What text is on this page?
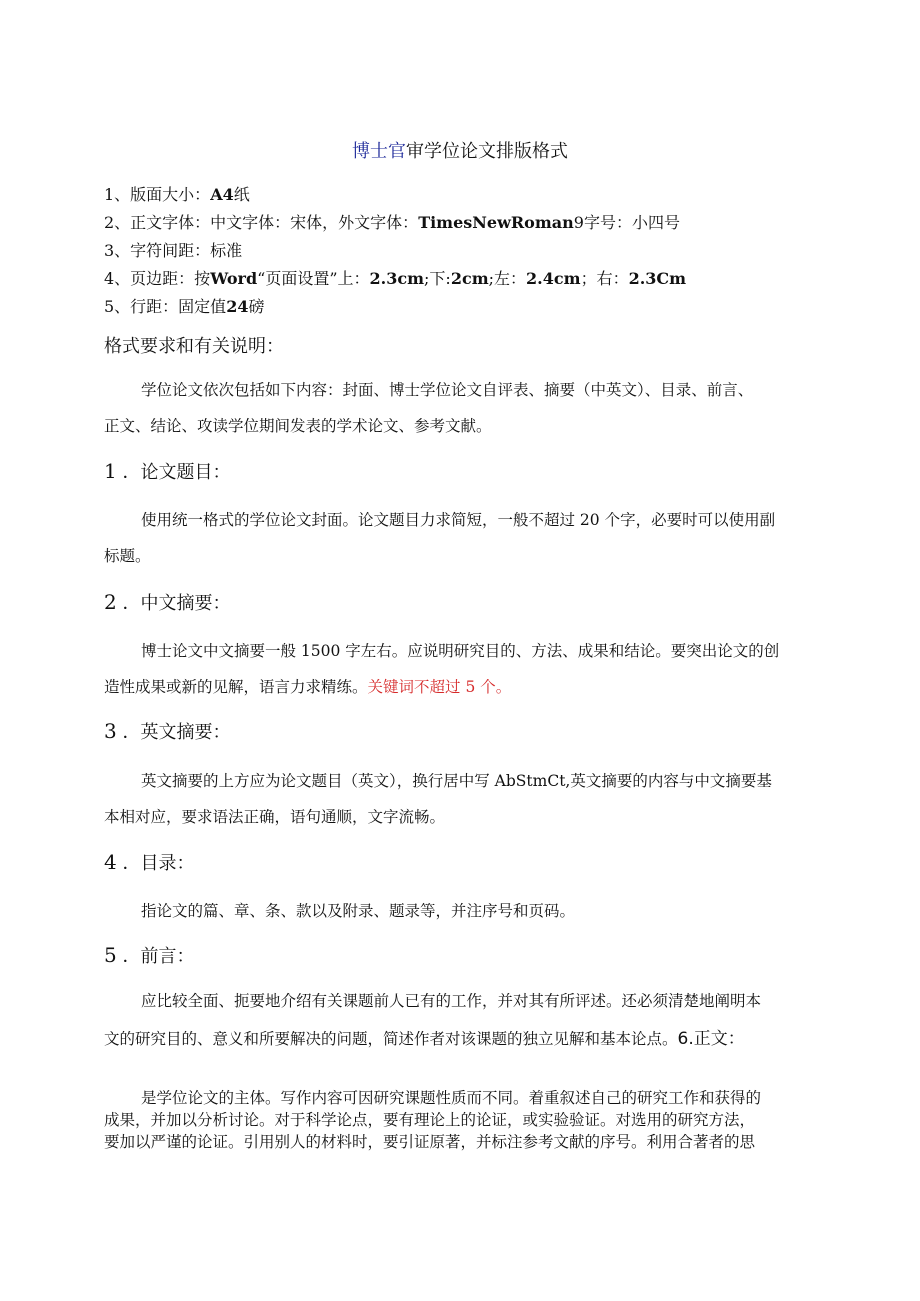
博士官审学位论文排版格式
1、版面大小：A4纸
2、正文字体：中文字体：宋体，外文字体：TimesNewRoman9字号：小四号
3、字符间距：标准
4、页边距：按Word“页面设置”上：2.3cm;下:2cm;左：2.4cm；右：2.3Cm
5、行距：固定值24磅
格式要求和有关说明：
学位论文依次包括如下内容：封面、博士学位论文自评表、摘要（中英文）、目录、前言、
正文、结论、攻读学位期间发表的学术论文、参考文献。
1 ．论文题目：
使用统一格式的学位论文封面。论文题目力求简短，一般不超过 20 个字，必要时可以使用副
标题。
2 ．中文摘要：
博士论文中文摘要一般 1500 字左右。应说明研究目的、方法、成果和结论。要突出论文的创
造性成果或新的见解，语言力求精练。关键词不超过 5 个。
3 ．英文摘要：
英文摘要的上方应为论文题目（英文），换行居中写 AbStmCt,英文摘要的内容与中文摘要基
本相对应，要求语法正确，语句通顺，文字流畅。
4 ．目录：
指论文的篇、章、条、款以及附录、题录等，并注序号和页码。
5 ．前言：
应比较全面、扼要地介绍有关课题前人已有的工作，并对其有所评述。还必须清楚地阐明本
文的研究目的、意义和所要解决的问题，简述作者对该课题的独立见解和基本论点。6.正文：
是学位论文的主体。写作内容可因研究课题性质而不同。着重叙述自己的研究工作和获得的
成果，并加以分析讨论。对于科学论点，要有理论上的论证，或实验验证。对选用的研究方法，
要加以严谨的论证。引用别人的材料时，要引证原著，并标注参考文献的序号。利用合著者的思
